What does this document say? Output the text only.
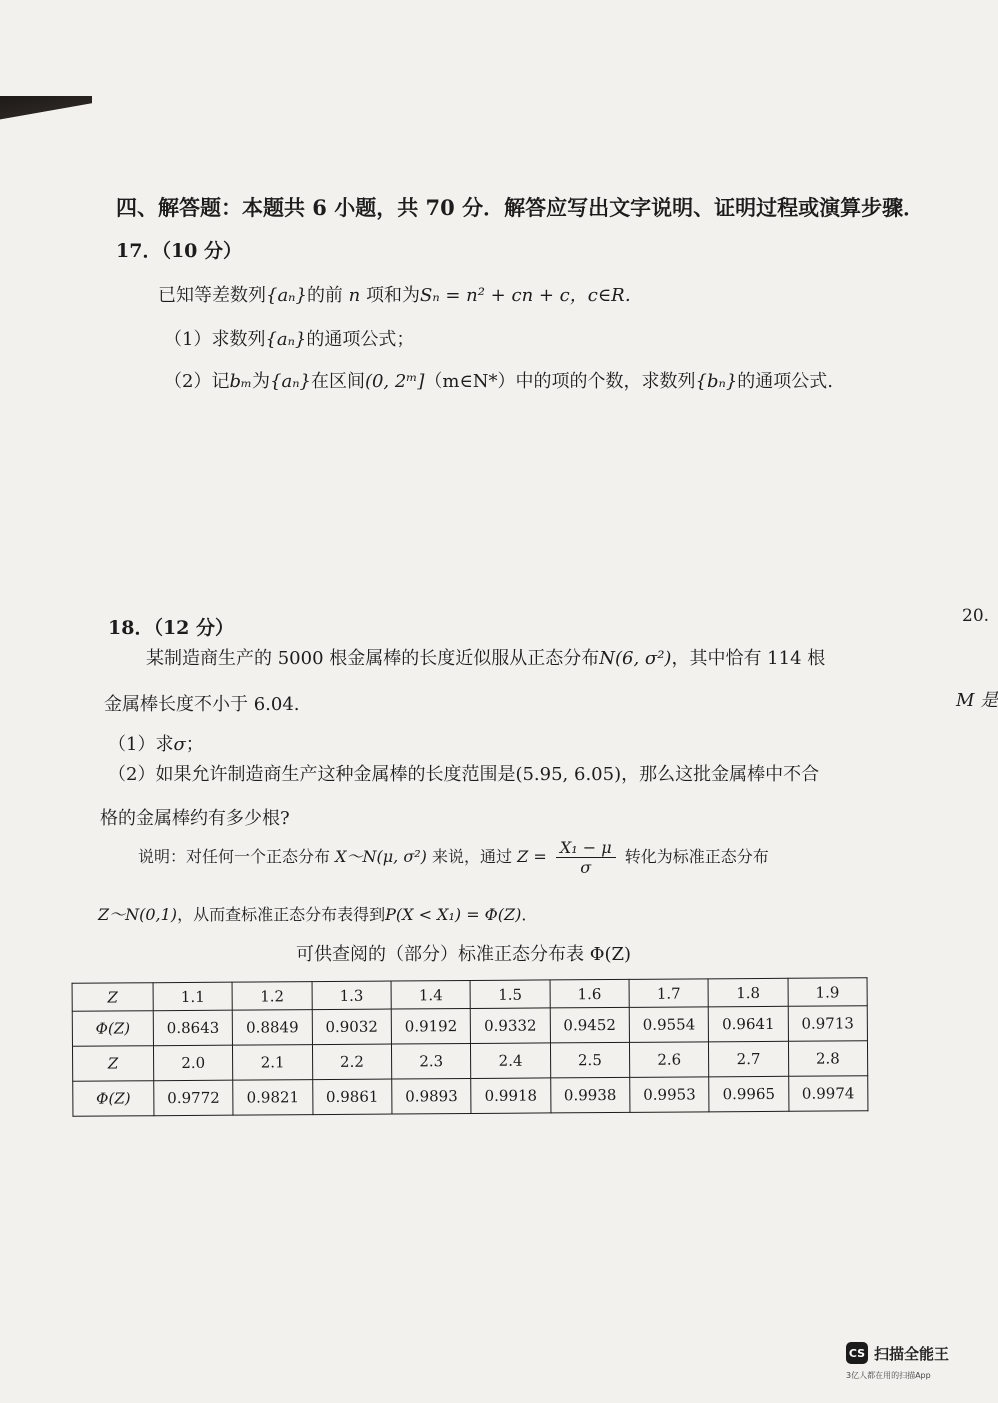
四、解答题：本题共 6 小题，共 70 分．解答应写出文字说明、证明过程或演算步骤．
17．（10 分）
已知等差数列{aₙ}的前 n 项和为Sₙ = n² + cn + c，c∈R．
（1）求数列{aₙ}的通项公式；
（2）记bₘ为{aₙ}在区间(0, 2ᵐ]（m∈N*）中的项的个数，求数列{bₙ}的通项公式.
18．（12 分）
某制造商生产的 5000 根金属棒的长度近似服从正态分布N(6, σ²)，其中恰有 114 根
金属棒长度不小于 6.04.
（1）求σ；
（2）如果允许制造商生产这种金属棒的长度范围是(5.95, 6.05)，那么这批金属棒中不合
格的金属棒约有多少根?
说明：对任何一个正态分布 X～N(μ, σ²) 来说，通过 $Z = \frac{\text{X₁ − μ}}{\sigma}$ 转化为标准正态分布
Z～N(0,1)，从而查标准正态分布表得到P(X < X₁) = Φ(Z)．
可供查阅的（部分）标准正态分布表 Φ(Z)
Z	1.1	1.2	1.3	1.4	1.5	1.6	1.7	1.8	1.9
Φ(Z)	0.8643	0.8849	0.9032	0.9192	0.9332	0.9452	0.9554	0.9641	0.9713
Z	2.0	2.1	2.2	2.3	2.4	2.5	2.6	2.7	2.8
Φ(Z)	0.9772	0.9821	0.9861	0.9893	0.9918	0.9938	0.9953	0.9965	0.9974
20.
M 是
CS 扫描全能王
3亿人都在用的扫描App
